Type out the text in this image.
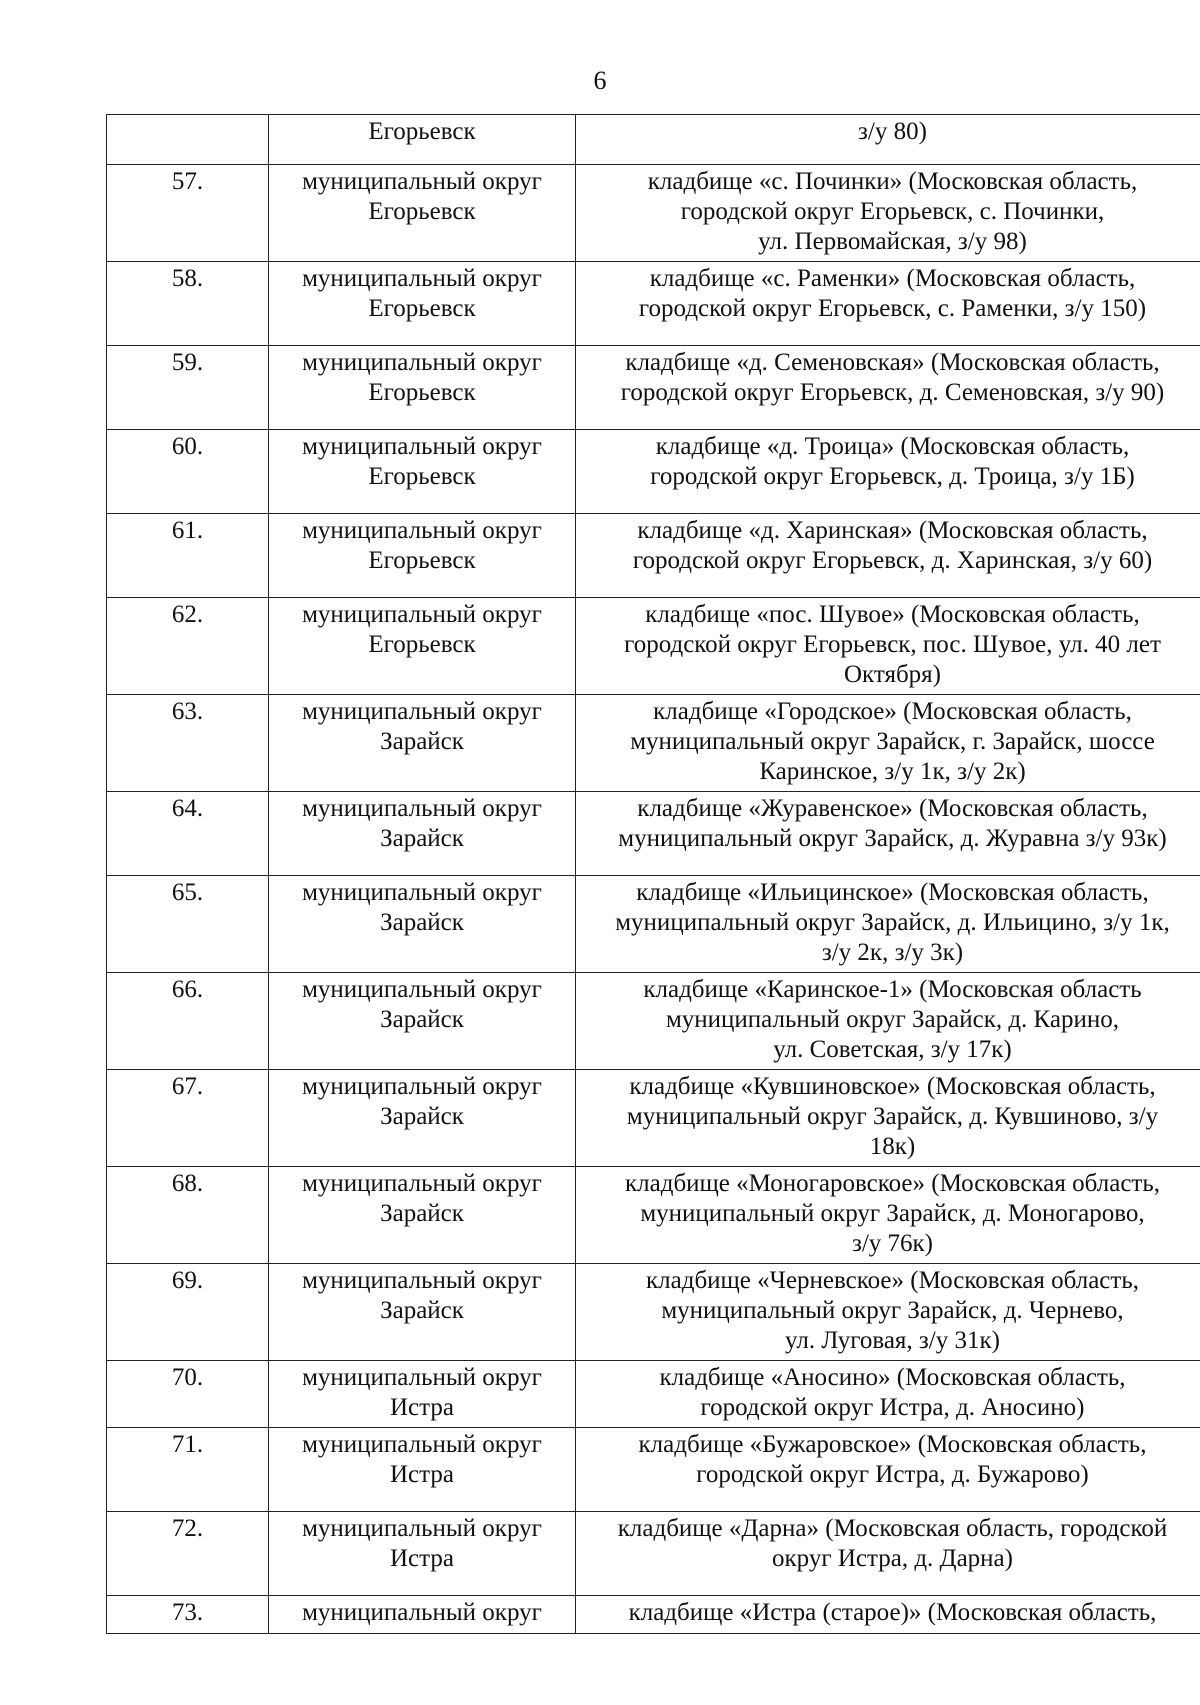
6
	Егорьевск	з/у 80)

57.	муниципальный округ Егорьевск	кладбище «с. Починки» (Московская область,
городской округ Егорьевск, с. Починки,
ул. Первомайская, з/у 98)

58.	муниципальный округ Егорьевск	кладбище «с. Раменки» (Московская область,
городской округ Егорьевск, с. Раменки, з/у 150)

59.	муниципальный округ Егорьевск	кладбище «д. Семеновская» (Московская область,
городской округ Егорьевск, д. Семеновская, з/у 90)

60.	муниципальный округ Егорьевск	кладбище «д. Троица» (Московская область,
городской округ Егорьевск, д. Троица, з/у 1Б)

61.	муниципальный округ Егорьевск	кладбище «д. Харинская» (Московская область,
городской округ Егорьевск, д. Харинская, з/у 60)

62.	муниципальный округ Егорьевск	кладбище «пос. Шувое» (Московская область,
городской округ Егорьевск, пос. Шувое, ул. 40 лет
Октября)

63.	муниципальный округ Зарайск	кладбище «Городское» (Московская область,
муниципальный округ Зарайск, г. Зарайск, шоссе
Каринское, з/у 1к, з/у 2к)

64.	муниципальный округ Зарайск	кладбище «Журавенское» (Московская область,
муниципальный округ Зарайск, д. Журавна з/у 93к)

65.	муниципальный округ Зарайск	кладбище «Ильицинское» (Московская область,
муниципальный округ Зарайск, д. Ильицино, з/у 1к,
з/у 2к, з/у 3к)

66.	муниципальный округ Зарайск	кладбище «Каринское-1» (Московская область
муниципальный округ Зарайск, д. Карино,
ул. Советская, з/у 17к)

67.	муниципальный округ Зарайск	кладбище «Кувшиновское» (Московская область,
муниципальный округ Зарайск, д. Кувшиново, з/у
18к)

68.	муниципальный округ Зарайск	кладбище «Моногаровское» (Московская область,
муниципальный округ Зарайск, д. Моногарово,
з/у 76к)

69.	муниципальный округ Зарайск	кладбище «Черневское» (Московская область,
муниципальный округ Зарайск, д. Чернево,
ул. Луговая, з/у 31к)

70.	муниципальный округ Истра	кладбище «Аносино» (Московская область,
городской округ Истра, д. Аносино)

71.	муниципальный округ Истра	кладбище «Бужаровское» (Московская область,
городской округ Истра, д. Бужарово)

72.	муниципальный округ Истра	кладбище «Дарна» (Московская область, городской
округ Истра, д. Дарна)

73.	муниципальный округ	кладбище «Истра (старое)» (Московская область,
